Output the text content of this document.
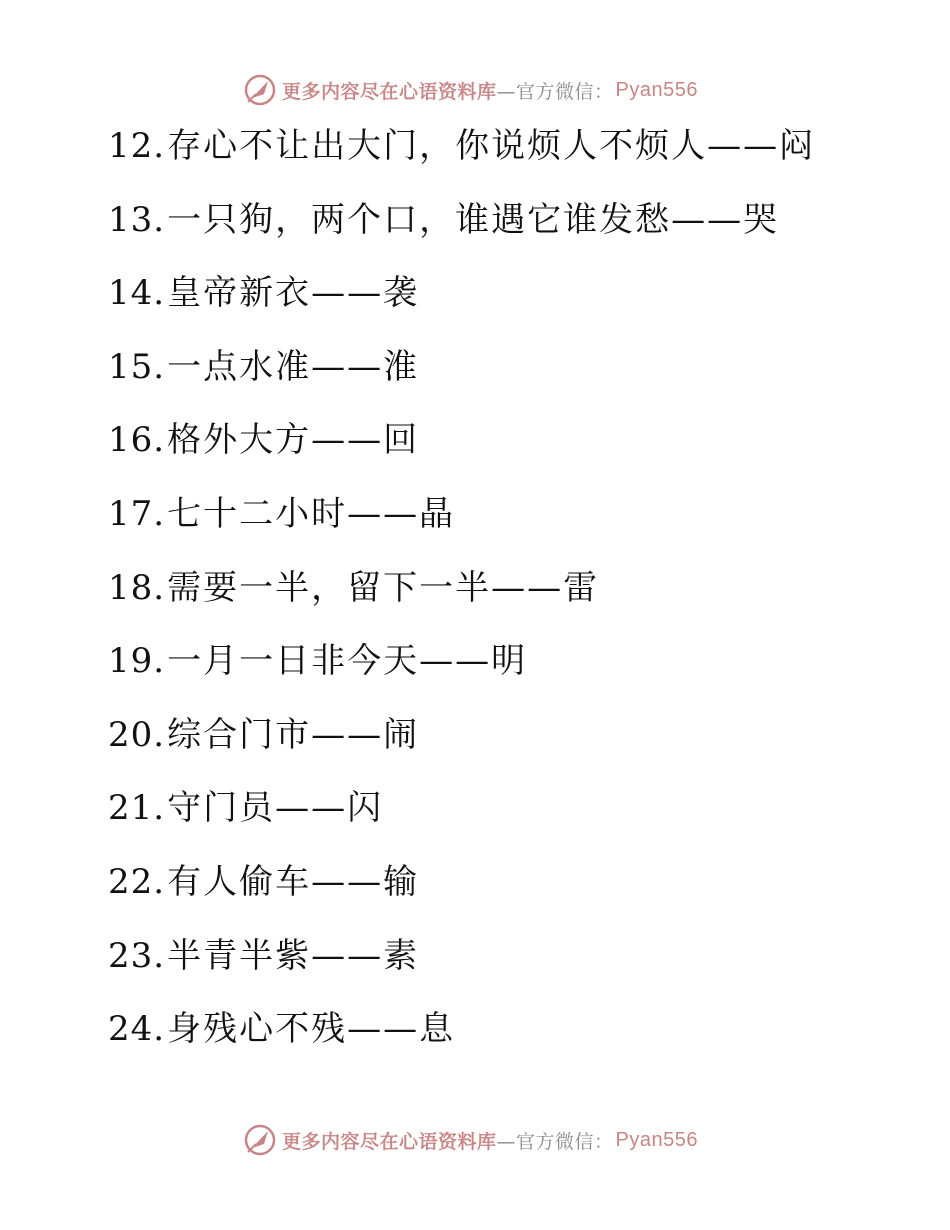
更多内容尽在心语资料库 —官方微信： Pyan556
12.存心不让出大门，你说烦人不烦人——闷
13.一只狗，两个口，谁遇它谁发愁——哭
14.皇帝新衣——袭
15.一点水准——淮
16.格外大方——回
17.七十二小时——晶
18.需要一半，留下一半——雷
19.一月一日非今天——明
20.综合门市——闹
21.守门员——闪
22.有人偷车——输
23.半青半紫——素
24.身残心不残——息
更多内容尽在心语资料库 —官方微信： Pyan556
